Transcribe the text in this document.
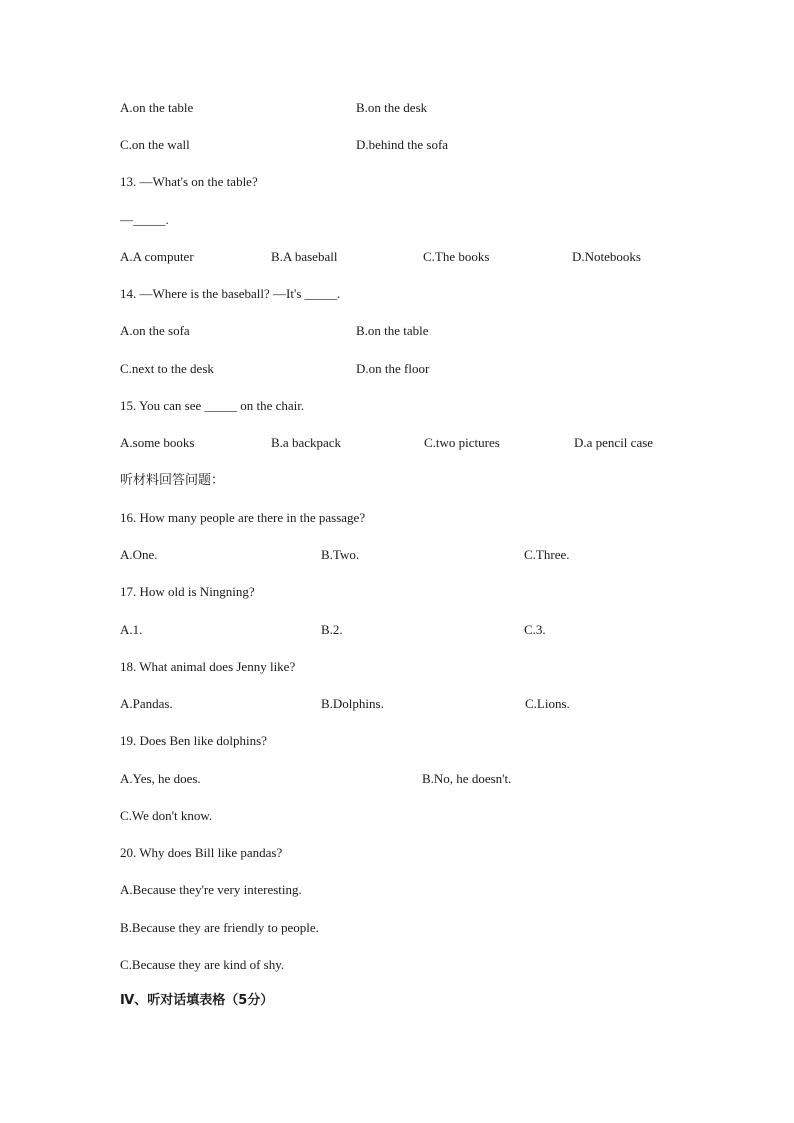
A.on the table	B.on the desk
C.on the wall	D.behind the sofa
13. —What's on the table?
—_____.
A.A computer	B.A baseball	C.The books	D.Notebooks
14. —Where is the baseball? —It's _____.
A.on the sofa	B.on the table
C.next to the desk	D.on the floor
15. You can see _____ on the chair.
A.some books	B.a backpack	C.two pictures	D.a pencil case
听材料回答问题：
16. How many people are there in the passage?
A.One.	B.Two.	C.Three.
17. How old is Ningning?
A.1.	B.2.	C.3.
18. What animal does Jenny like?
A.Pandas.	B.Dolphins.	C.Lions.
19. Does Ben like dolphins?
A.Yes, he does.	B.No, he doesn't.
C.We don't know.
20. Why does Bill like pandas?
A.Because they're very interesting.
B.Because they are friendly to people.
C.Because they are kind of shy.
Ⅳ、听对话填表格（5分）
